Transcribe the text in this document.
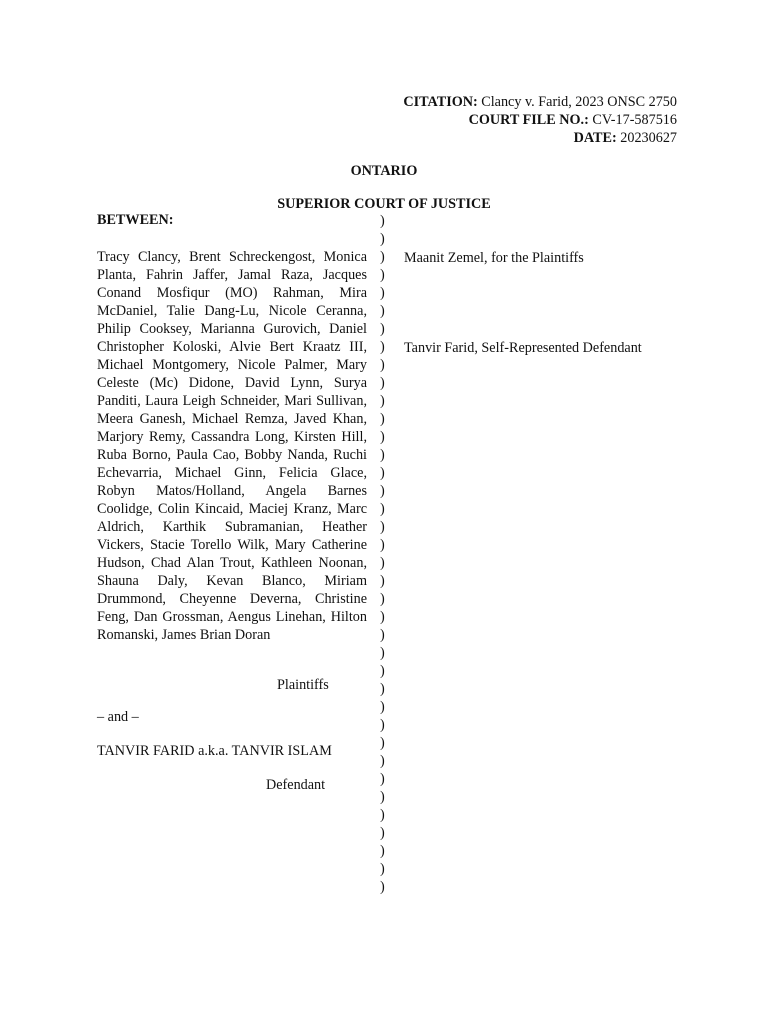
CITATION: Clancy v. Farid, 2023 ONSC 2750
COURT FILE NO.: CV-17-587516
DATE: 20230627
ONTARIO
SUPERIOR COURT OF JUSTICE
BETWEEN:
Tracy Clancy, Brent Schreckengost, Monica Planta, Fahrin Jaffer, Jamal Raza, Jacques Conand Mosfiqur (MO) Rahman, Mira McDaniel, Talie Dang-Lu, Nicole Ceranna, Philip Cooksey, Marianna Gurovich, Daniel Christopher Koloski, Alvie Bert Kraatz III, Michael Montgomery, Nicole Palmer, Mary Celeste (Mc) Didone, David Lynn, Surya Panditi, Laura Leigh Schneider, Mari Sullivan, Meera Ganesh, Michael Remza, Javed Khan, Marjory Remy, Cassandra Long, Kirsten Hill, Ruba Borno, Paula Cao, Bobby Nanda, Ruchi Echevarria, Michael Ginn, Felicia Glace, Robyn Matos/Holland, Angela Barnes Coolidge, Colin Kincaid, Maciej Kranz, Marc Aldrich, Karthik Subramanian, Heather Vickers, Stacie Torello Wilk, Mary Catherine Hudson, Chad Alan Trout, Kathleen Noonan, Shauna Daly, Kevan Blanco, Miriam Drummond, Cheyenne Deverna, Christine Feng, Dan Grossman, Aengus Linehan, Hilton Romanski, James Brian Doran
Plaintiffs
– and –
TANVIR FARID a.k.a. TANVIR ISLAM
Defendant
)
)
)
)
)
)
)
)
)
)
)
)
)
)
)
)
)
)
)
)
)
)
)
)
)
)
)
)
)
)
)
)
)
)
)
)
)
)
Maanit Zemel, for the Plaintiffs
Tanvir Farid, Self-Represented Defendant
